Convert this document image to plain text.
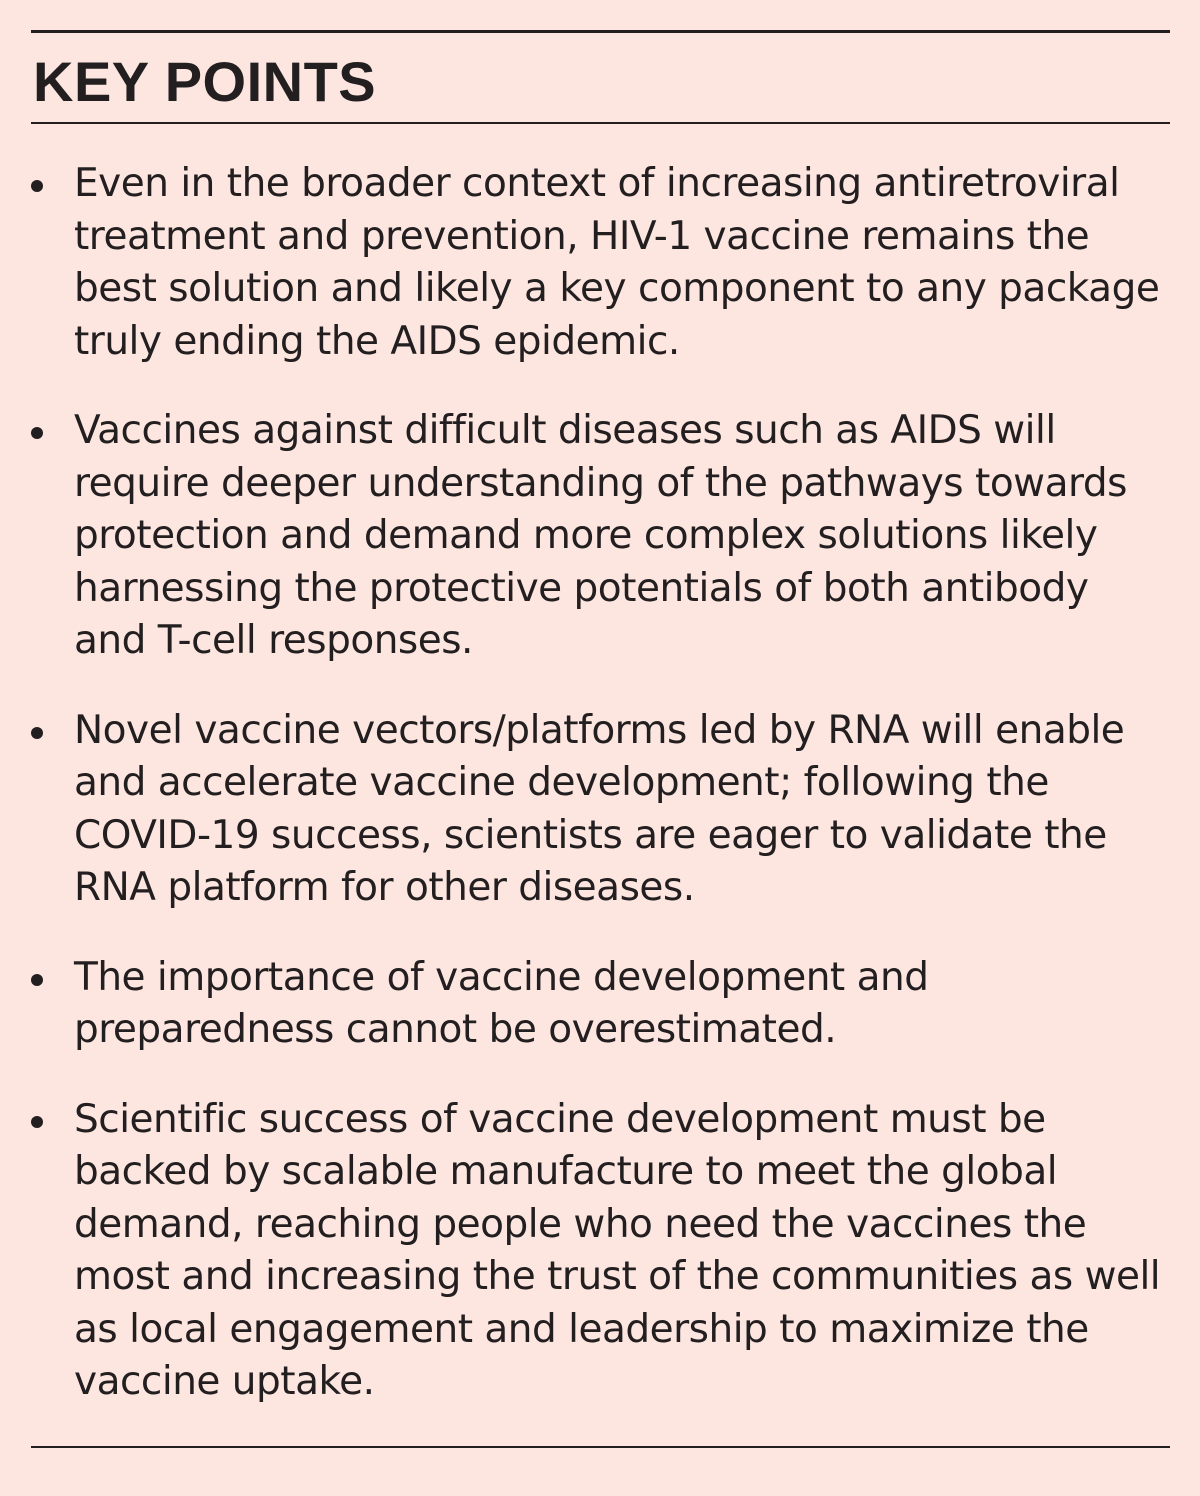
KEY POINTS
Even in the broader context of increasing antiretroviral treatment and prevention, HIV-1 vaccine remains the best solution and likely a key component to any package truly ending the AIDS epidemic.
Vaccines against difficult diseases such as AIDS will require deeper understanding of the pathways towards protection and demand more complex solutions likely harnessing the protective potentials of both antibody and T-cell responses.
Novel vaccine vectors/platforms led by RNA will enable and accelerate vaccine development; following the COVID-19 success, scientists are eager to validate the RNA platform for other diseases.
The importance of vaccine development and preparedness cannot be overestimated.
Scientific success of vaccine development must be backed by scalable manufacture to meet the global demand, reaching people who need the vaccines the most and increasing the trust of the communities as well as local engagement and leadership to maximize the vaccine uptake.
